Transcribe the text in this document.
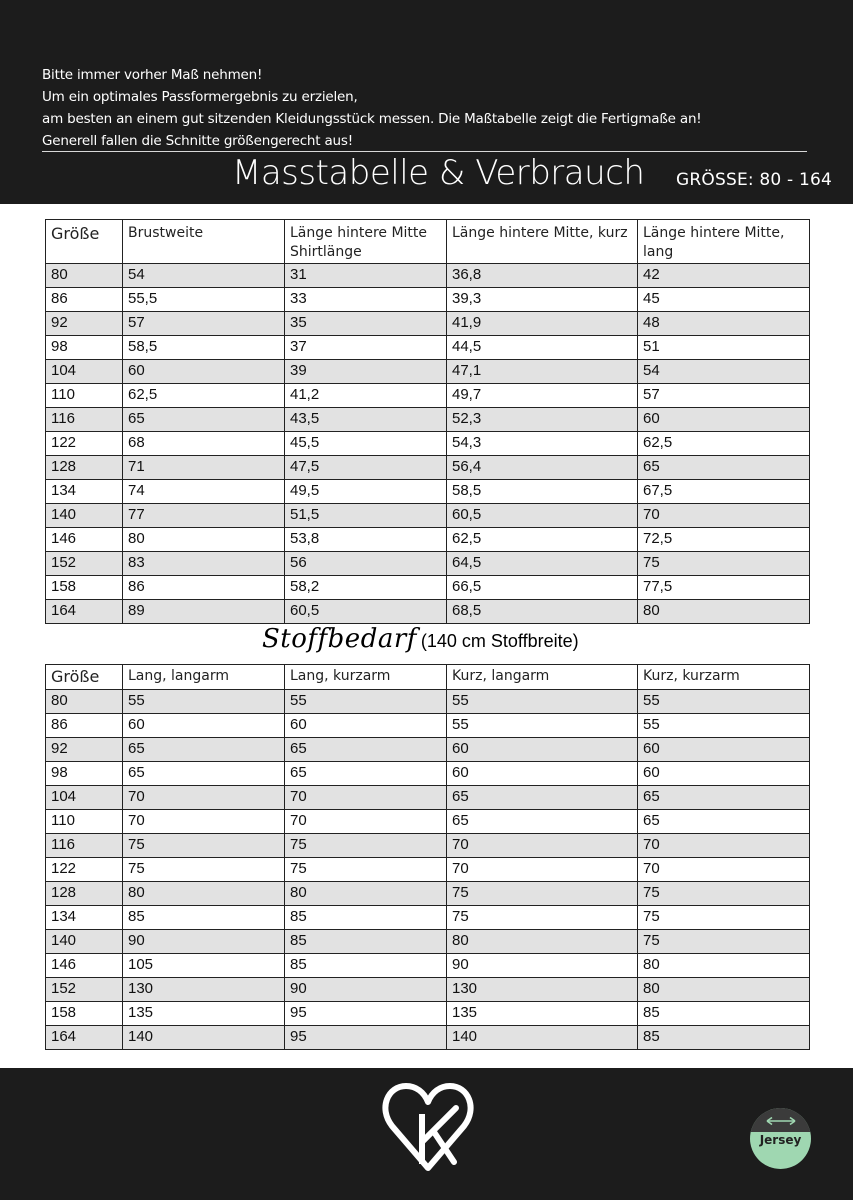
Bitte immer vorher Maß nehmen!
Um ein optimales Passformergebnis zu erzielen,
am besten an einem gut sitzenden Kleidungsstück messen. Die Maßtabelle zeigt die Fertigmaße an!
Generell fallen die Schnitte größengerecht aus!
Masstabelle & Verbrauch GRÖSSE: 80 - 164
Größe	Brustweite	Länge hintere Mitte Shirtlänge	Länge hintere Mitte, kurz	Länge hintere Mitte, lang
80	54	31	36,8	42
86	55,5	33	39,3	45
92	57	35	41,9	48
98	58,5	37	44,5	51
104	60	39	47,1	54
110	62,5	41,2	49,7	57
116	65	43,5	52,3	60
122	68	45,5	54,3	62,5
128	71	47,5	56,4	65
134	74	49,5	58,5	67,5
140	77	51,5	60,5	70
146	80	53,8	62,5	72,5
152	83	56	64,5	75
158	86	58,2	66,5	77,5
164	89	60,5	68,5	80
Stoffbedarf (140 cm Stoffbreite)
Größe	Lang, langarm	Lang, kurzarm	Kurz, langarm	Kurz, kurzarm
80	55	55	55	55
86	60	60	55	55
92	65	65	60	60
98	65	65	60	60
104	70	70	65	65
110	70	70	65	65
116	75	75	70	70
122	75	75	70	70
128	80	80	75	75
134	85	85	75	75
140	90	85	80	75
146	105	85	90	80
152	130	90	130	80
158	135	95	135	85
164	140	95	140	85
Jersey
